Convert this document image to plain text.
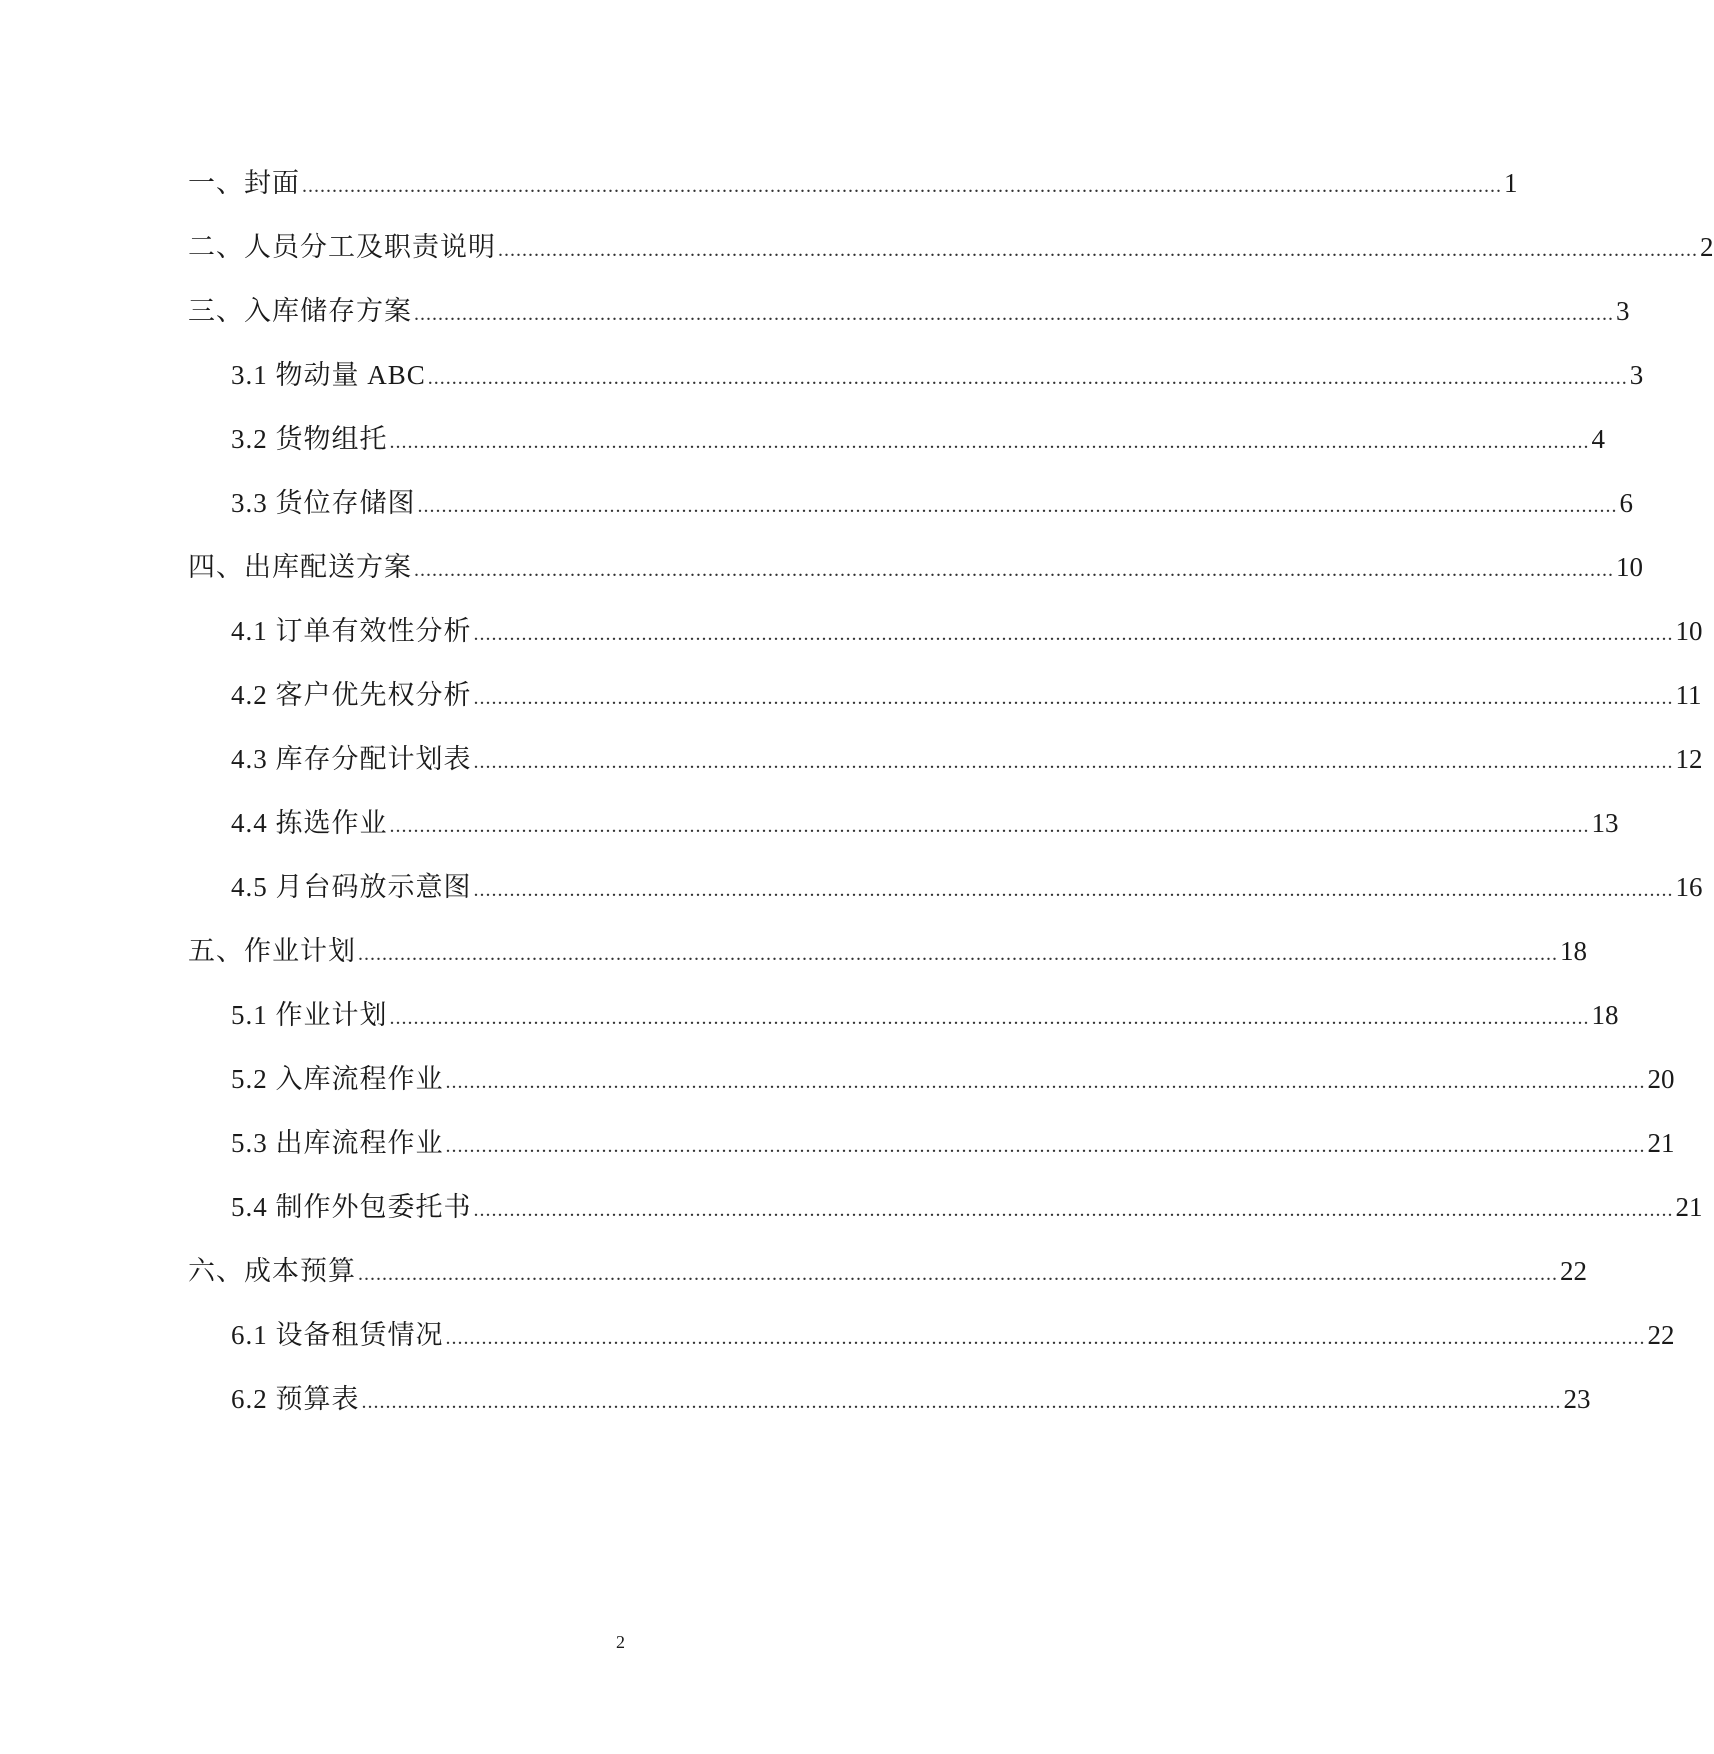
一、封面 ........................................................................................................................................................................................................ 1
二、人员分工及职责说明 ........................................................................................................................................................................................................ 2
三、入库储存方案 ........................................................................................................................................................................................................ 3
3.1 物动量 ABC ........................................................................................................................................................................................................ 3
3.2 货物组托 ........................................................................................................................................................................................................ 4
3.3 货位存储图 ........................................................................................................................................................................................................ 6
四、出库配送方案 ........................................................................................................................................................................................................ 10
4.1 订单有效性分析 ........................................................................................................................................................................................................ 10
4.2 客户优先权分析 ........................................................................................................................................................................................................ 11
4.3 库存分配计划表 ........................................................................................................................................................................................................ 12
4.4 拣选作业 ........................................................................................................................................................................................................ 13
4.5 月台码放示意图 ........................................................................................................................................................................................................ 16
五、作业计划 ........................................................................................................................................................................................................ 18
5.1 作业计划 ........................................................................................................................................................................................................ 18
5.2 入库流程作业 ........................................................................................................................................................................................................ 20
5.3 出库流程作业 ........................................................................................................................................................................................................ 21
5.4 制作外包委托书 ........................................................................................................................................................................................................ 21
六、成本预算 ........................................................................................................................................................................................................ 22
6.1 设备租赁情况 ........................................................................................................................................................................................................ 22
6.2 预算表 ........................................................................................................................................................................................................ 23
2
